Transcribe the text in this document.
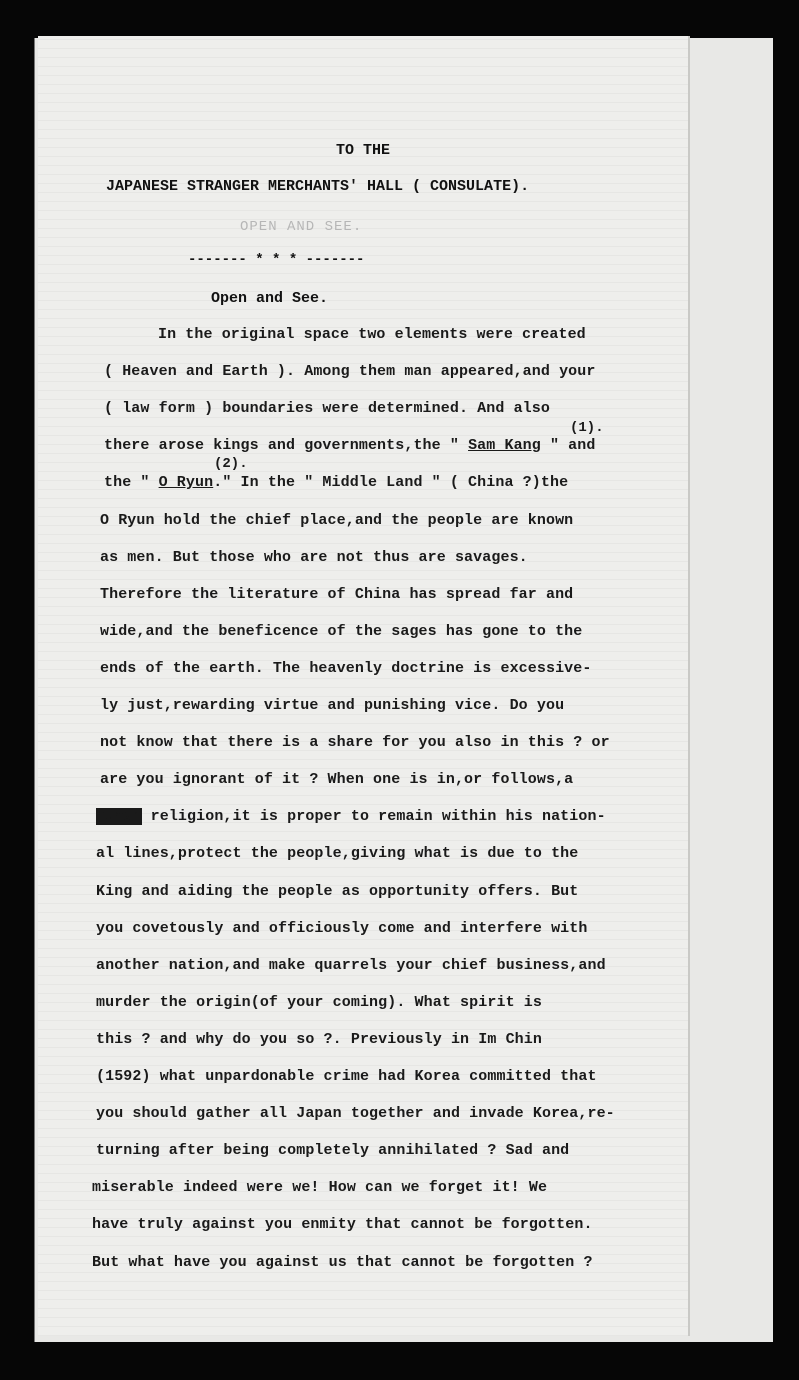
TO THE
JAPANESE STRANGER MERCHANTS' HALL ( CONSULATE).
OPEN AND SEE.
------- * * * -------
Open and See.
(1).
(2).
In the original space two elements were created
( Heaven and Earth ). Among them man appeared,and your
( law form ) boundaries were determined. And also
there arose kings and governments,the " Sam Kang " and
the " O Ryun." In the " Middle Land " ( China ?)the
O Ryun hold the chief place,and the people are known
as men. But those who are not thus are savages.
Therefore the literature of China has spread far and
wide,and the beneficence of the sages has gone to the
ends of the earth. The heavenly doctrine is excessive-
ly just,rewarding virtue and punishing vice. Do you
not know that there is a share for you also in this ? or
are you ignorant of it ? When one is in,or follows,a
human religion,it is proper to remain within his nation-
al lines,protect the people,giving what is due to the
King and aiding the people as opportunity offers. But
you covetously and officiously come and interfere with
another nation,and make quarrels your chief business,and
murder the origin(of your coming). What spirit is
this ? and why do you so ?. Previously in Im Chin
(1592) what unpardonable crime had Korea committed that
you should gather all Japan together and invade Korea,re-
turning after being completely annihilated ? Sad and
miserable indeed were we! How can we forget it! We
have truly against you enmity that cannot be forgotten.
But what have you against us that cannot be forgotten ?
